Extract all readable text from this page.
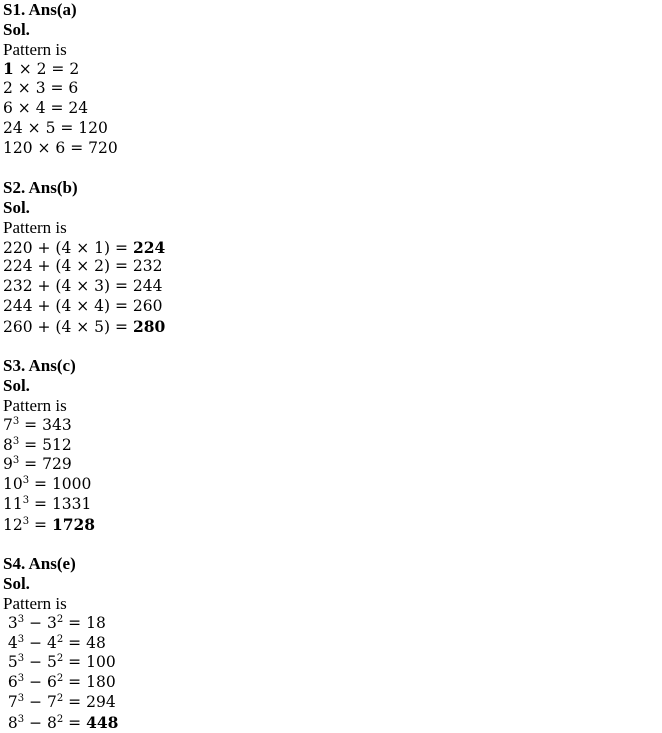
S1. Ans(a)
Sol.
Pattern is
1 × 2 = 2
2 × 3 = 6
6 × 4 = 24
24 × 5 = 120
120 × 6 = 720
S2. Ans(b)
Sol.
Pattern is
220 + (4 × 1) = 224
224 + (4 × 2) = 232
232 + (4 × 3) = 244
244 + (4 × 4) = 260
260 + (4 × 5) = 280
S3. Ans(c)
Sol.
Pattern is
$7^3 = 343$
$8^3 = 512$
$9^3 = 729$
$10^3 = 1000$
$11^3 = 1331$
$12^3 = 1728$
S4. Ans(e)
Sol.
Pattern is
$3^3 - 3^2 = 18$
$4^3 - 4^2 = 48$
$5^3 - 5^2 = 100$
$6^3 - 6^2 = 180$
$7^3 - 7^2 = 294$
$8^3 - 8^2 = 448$
